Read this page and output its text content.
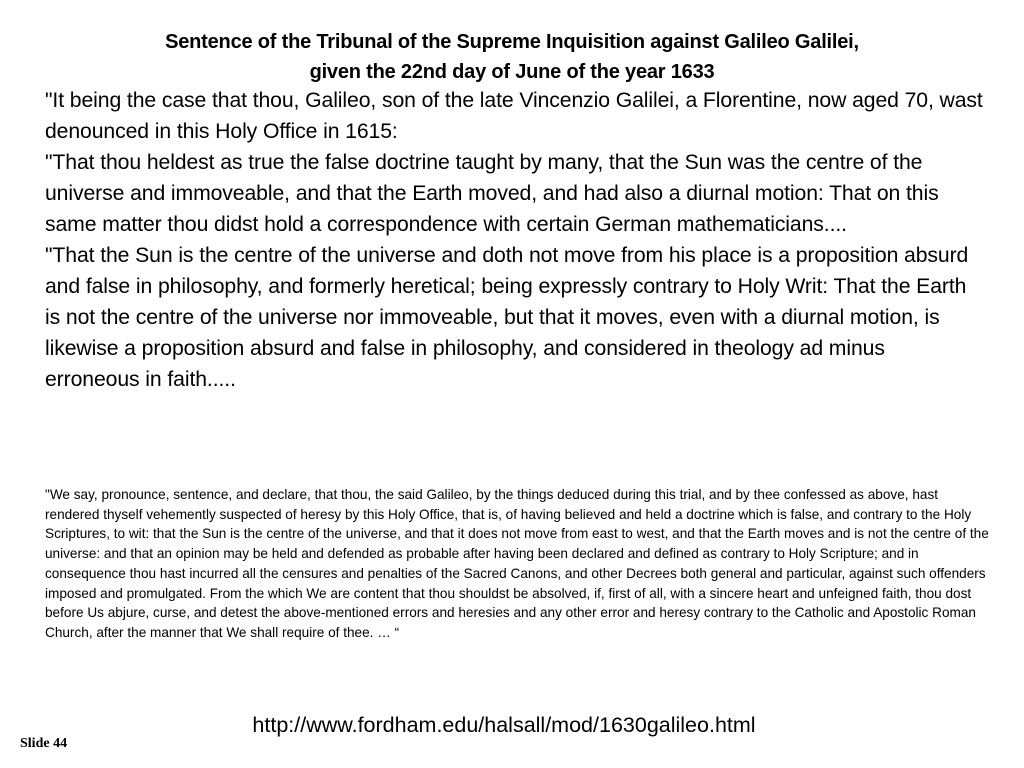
Sentence of the Tribunal of the Supreme Inquisition against Galileo Galilei,
given the 22nd day of June of the year 1633

"It being the case that thou, Galileo, son of the late Vincenzio Galilei, a Florentine, now aged 70, wast denounced in this Holy Office in 1615:

"That thou heldest as true the false doctrine taught by many, that the Sun was the centre of the universe and immoveable, and that the Earth moved, and had also a diurnal motion: That on this same matter thou didst hold a correspondence with certain German mathematicians....

"That the Sun is the centre of the universe and doth not move from his place is a proposition absurd and false in philosophy, and formerly heretical; being expressly contrary to Holy Writ: That the Earth is not the centre of the universe nor immoveable, but that it moves, even with a diurnal motion, is likewise a proposition absurd and false in philosophy, and considered in theology ad minus erroneous in faith.....

"We say, pronounce, sentence, and declare, that thou, the said Galileo, by the things deduced during this trial, and by thee confessed as above, hast rendered thyself vehemently suspected of heresy by this Holy Office, that is, of having believed and held a doctrine which is false, and contrary to the Holy Scriptures, to wit: that the Sun is the centre of the universe, and that it does not move from east to west, and that the Earth moves and is not the centre of the universe: and that an opinion may be held and defended as probable after having been declared and defined as contrary to Holy Scripture; and in consequence thou hast incurred all the censures and penalties of the Sacred Canons, and other Decrees both general and particular, against such offenders imposed and promulgated. From the which We are content that thou shouldst be absolved, if, first of all, with a sincere heart and unfeigned faith, thou dost before Us abjure, curse, and detest the above-mentioned errors and heresies and any other error and heresy contrary to the Catholic and Apostolic Roman Church, after the manner that We shall require of thee. … “

http://www.fordham.edu/halsall/mod/1630galileo.html

Slide 44
